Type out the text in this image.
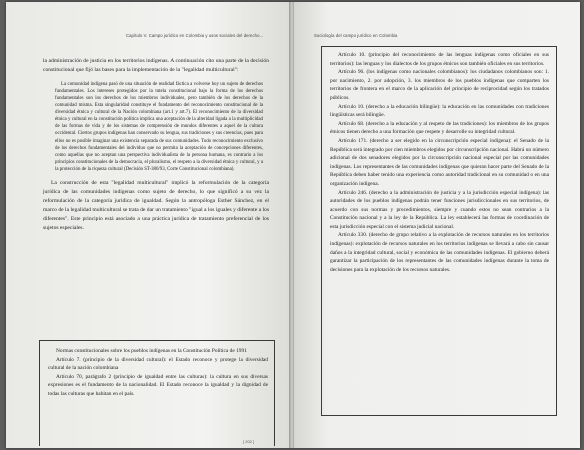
Capítulo V. Campo jurídico en Colombia y usos sociales del derecho...

la administración de justicia en los territorios indígenas. A continuación cito una parte de la decisión constitucional que fijó las bases para la implementación de la "legalidad multicultural":

La comunidad indígena pasó de una situación de realidad fáctica a volverse hoy un sujeto de derechos fundamentales. Los intereses protegidos por la tutela constitucional bajo la forma de los derechos fundamentales son los derechos de los miembros individuales, pero también de los derechos de la comunidad misma. Esta singularidad constituye el fundamento del reconocimiento constitucional de la diversidad étnica y cultural de la Nación colombiana (art.1 y art.7). El reconocimiento de la diversidad étnica y cultural en la constitución política implica una aceptación de la alteridad ligada a la multiplicidad de las formas de vida y de los sistemas de comprensión de mundos diferentes a aquel de la cultura occidental. Ciertos grupos indígenas han conservado su lengua, sus tradiciones y sus creencias, pues para ellos no es posible imaginar una existencia separada de sus comunidades. Todo reconocimiento exclusivo de los derechos fundamentales del individuo que no permita la aceptación de concepciones diferentes, como aquellas que no aceptan una perspectiva individualista de la persona humana, es contrario a los principios constitucionales de la democracia, el pluralismo, el respeto a la diversidad étnica y cultural, y a la protección de la riqueza cultural (Decisión ST-380/93, Corte Constitucional colombiana).

La construcción de esta "legalidad multicultural" implicó la reformulación de la categoría jurídica de las comunidades indígenas como sujeto de derecho, lo que significó a su vez la reformulación de la categoría jurídica de igualdad. Según la antropóloga Esther Sánchez, en el marco de la legalidad multicultural se trata de dar un tratamiento "igual a los iguales y diferente a los diferentes". Este principio está asociado a una práctica jurídica de tratamiento preferencial de los sujetos especiales.

Normas constitucionales sobre los pueblos indígenas en la Constitución Política de 1991

Artículo 7. (principio de la diversidad cultural): el Estado reconoce y protege la diversidad cultural de la nación colombiana

Artículo 70, parágrafo 2 (principio de igualdad entre las culturas): la cultura en sus diversas expresiones es el fundamento de la nacionalidad. El Estado reconoce la igualdad y la dignidad de todas las culturas que habitan en el país.

[ 202 ]
Sociología del campo jurídico en Colombia

Artículo 10. (principio del reconocimiento de las lenguas indígenas como oficiales en sus territorios): las lenguas y los dialectos de los grupos étnicos son también oficiales en sus territorios.

Artículo 96. (los indígenas como nacionales colombianos): los ciudadanos colombianos son: 1. por nacimiento, 2. por adopción, 3. los miembros de los pueblos indígenas que comparten los territorios de frontera en el marco de la aplicación del principio de reciprocidad según los tratados públicos.

Artículo 10. (derecho a la educación bilingüe): la educación en las comunidades con tradiciones lingüísticas será bilingüe.

Artículo 68. (derecho a la educación y al respeto de las tradiciones): los miembros de los grupos étnicos tienen derecho a una formación que respete y desarrolle su integridad cultural.

Artículo 171. (derecho a ser elegido en la circunscripción especial indígena): el Senado de la República será integrado por cien miembros elegidos por circunscripción nacional. Habrá un número adicional de dos senadores elegidos por la circunscripción nacional especial por las comunidades indígenas. Los representantes de las comunidades indígenas que quieran hacer parte del Senado de la República deben haber tenido una experiencia como autoridad tradicional en su comunidad o en una organización indígena.

Artículo 246. (derecho a la administración de justicia y a la jurisdicción especial indígena): las autoridades de los pueblos indígenas podrán tener funciones jurisdiccionales en sus territorios, de acuerdo con sus normas y procedimientos, siempre y cuando estos no sean contrarios a la Constitución nacional y a la ley de la República. La ley establecerá las formas de coordinación de esta jurisdicción especial con el sistema judicial nacional.

Artículo 330. (derecho de grupo relativo a la explotación de recursos naturales en los territorios indígenas): explotación de recursos naturales en los territorios indígenas se llevará a cabo sin causar daños a la integridad cultural, social y económica de las comunidades indígenas. El gobierno deberá garantizar la participación de los representantes de las comunidades indígenas durante la toma de decisiones para la explotación de los recursos naturales.
